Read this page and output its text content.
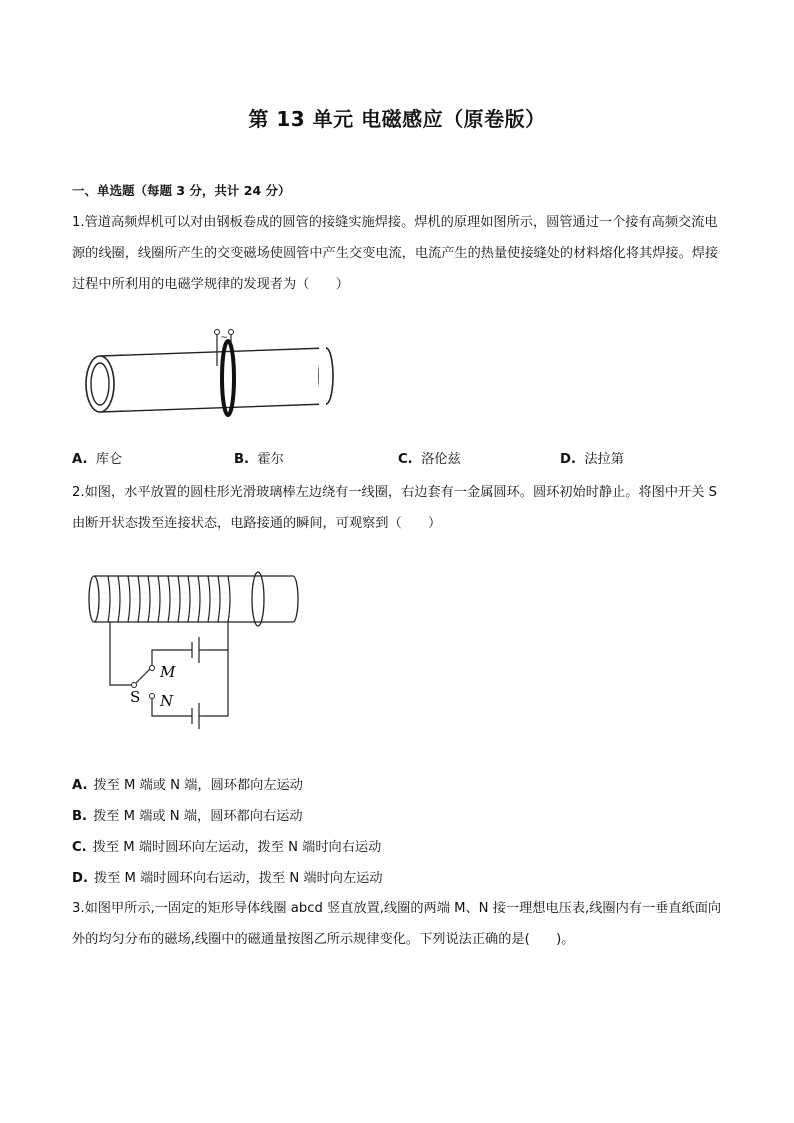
第 13 单元 电磁感应（原卷版）
一、单选题（每题 3 分，共计 24 分）
1.管道高频焊机可以对由钢板卷成的圆管的接缝实施焊接。焊机的原理如图所示，圆管通过一个接有高频交流电源的线圈，线圈所产生的交变磁场使圆管中产生交变电流，电流产生的热量使接缝处的材料熔化将其焊接。焊接过程中所利用的电磁学规律的发现者为（　　）
~
A. 库仑	B. 霍尔	C. 洛伦兹	D. 法拉第
2.如图，水平放置的圆柱形光滑玻璃棒左边绕有一线圈，右边套有一金属圆环。圆环初始时静止。将图中开关 S 由断开状态拨至连接状态，电路接通的瞬间，可观察到（　　）
M
N
S
A. 拨至 M 端或 N 端，圆环都向左运动
B. 拨至 M 端或 N 端，圆环都向右运动
C. 拨至 M 端时圆环向左运动，拨至 N 端时向右运动
D. 拨至 M 端时圆环向右运动，拨至 N 端时向左运动
3.如图甲所示,一固定的矩形导体线圈 abcd 竖直放置,线圈的两端 M、N 接一理想电压表,线圈内有一垂直纸面向外的均匀分布的磁场,线圈中的磁通量按图乙所示规律变化。下列说法正确的是(　　)。
